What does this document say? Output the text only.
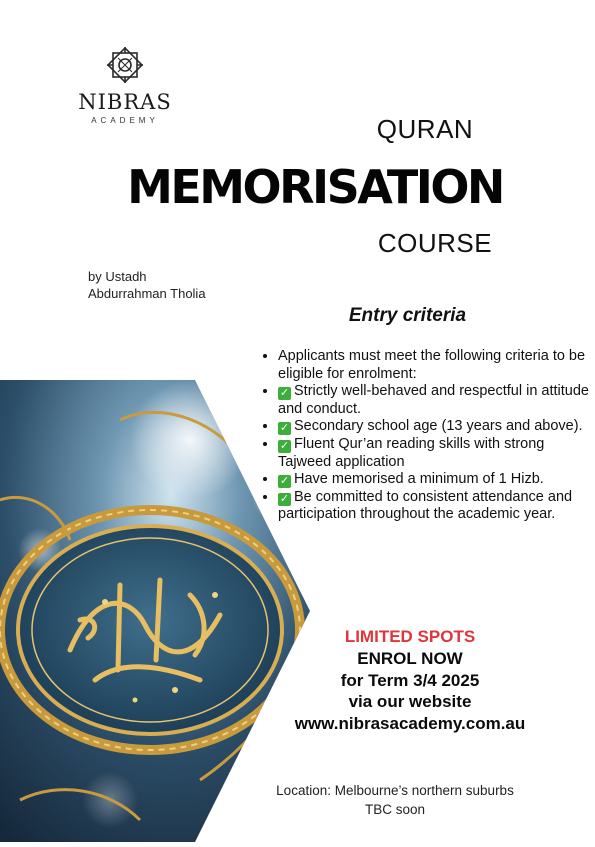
NIBRAS
ACADEMY	QURAN
MEMORISATION
COURSE
by Ustadh
Abdurrahman Tholia
Entry criteria
• Applicants must meet the following criteria to be eligible for enrolment:
• ✓ Strictly well-behaved and respectful in attitude and conduct.
• ✓ Secondary school age (13 years and above).
• ✓ Fluent Qur’an reading skills with strong Tajweed application
• ✓ Have memorised a minimum of 1 Hizb.
• ✓ Be committed to consistent attendance and participation throughout the academic year.
LIMITED SPOTS
ENROL NOW
for Term 3/4 2025
via our website
www.nibrasacademy.com.au
Location: Melbourne’s northern suburbs
TBC soon
